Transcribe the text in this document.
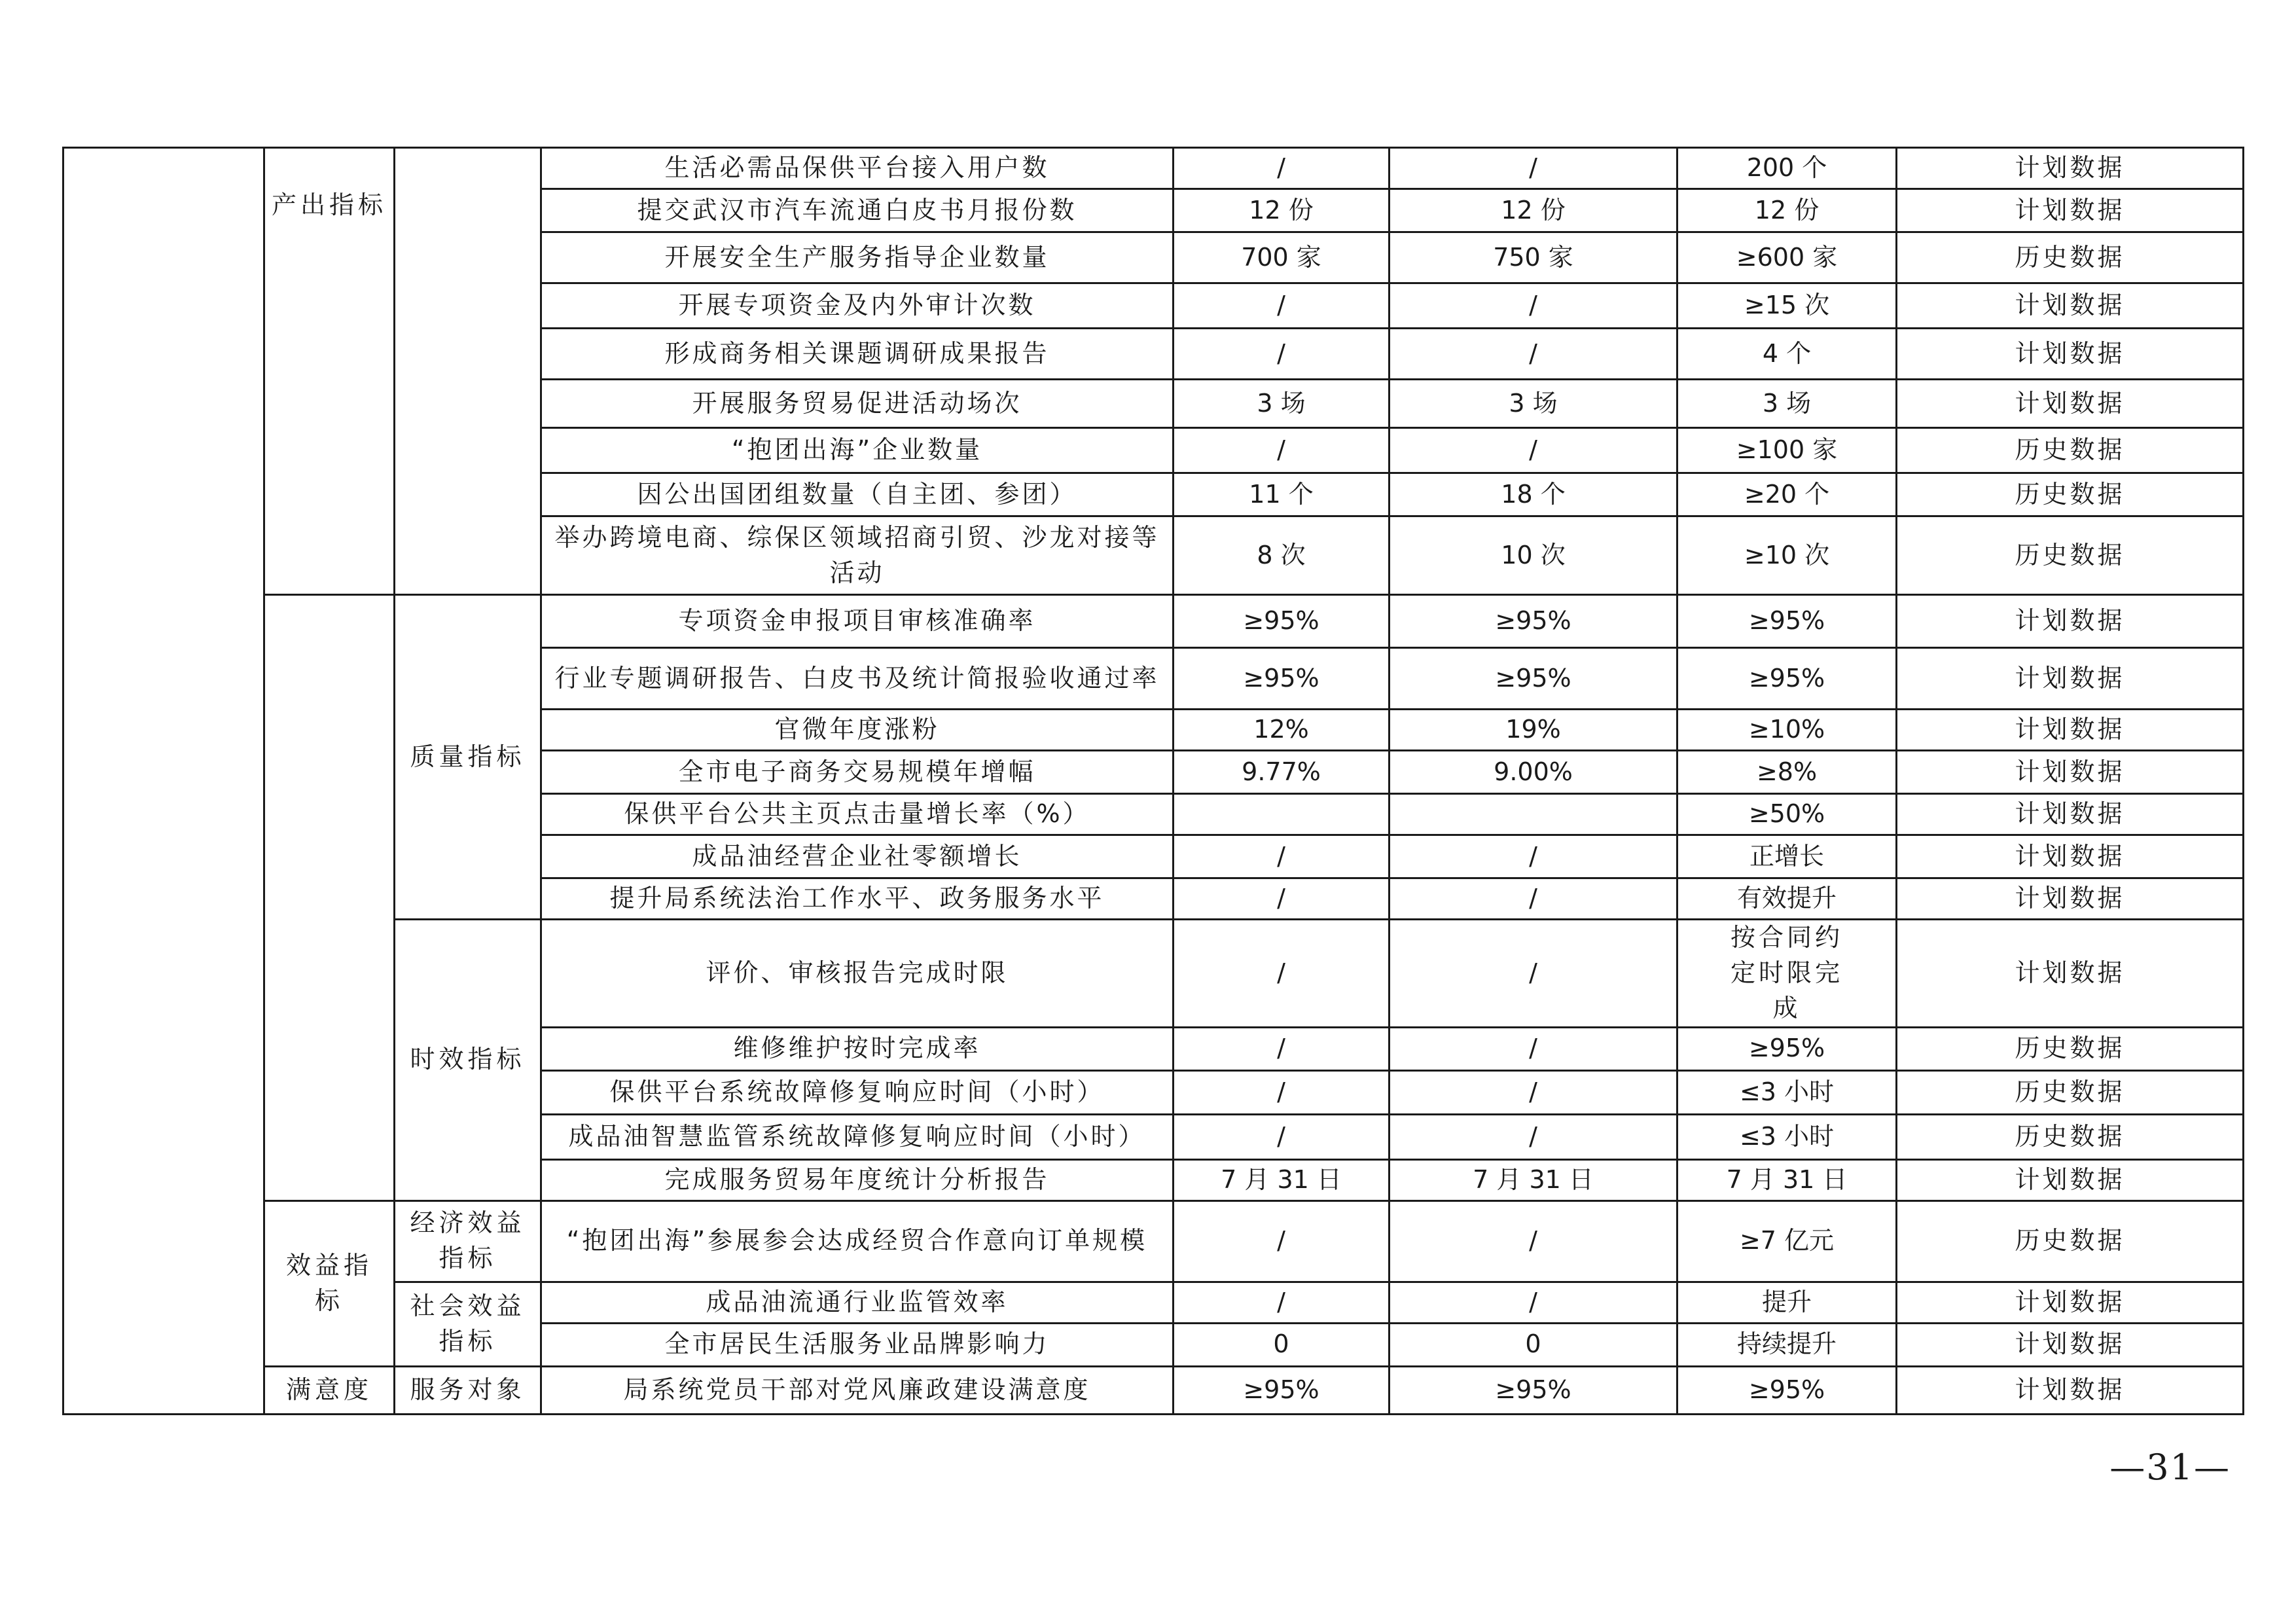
	产出指标		生活必需品保供平台接入用户数	/	/	200 个	计划数据
			提交武汉市汽车流通白皮书月报份数	12 份	12 份	12 份	计划数据
			开展安全生产服务指导企业数量	700 家	750 家	≥600 家	历史数据
			开展专项资金及内外审计次数	/	/	≥15 次	计划数据
			形成商务相关课题调研成果报告	/	/	4 个	计划数据
			开展服务贸易促进活动场次	3 场	3 场	3 场	计划数据
			“抱团出海”企业数量	/	/	≥100 家	历史数据
			因公出国团组数量（自主团、参团）	11 个	18 个	≥20 个	历史数据
			举办跨境电商、综保区领域招商引贸、沙龙对接等活动	8 次	10 次	≥10 次	历史数据
		质量指标	专项资金申报项目审核准确率	≥95%	≥95%	≥95%	计划数据
			行业专题调研报告、白皮书及统计简报验收通过率	≥95%	≥95%	≥95%	计划数据
			官微年度涨粉	12%	19%	≥10%	计划数据
			全市电子商务交易规模年增幅	9.77%	9.00%	≥8%	计划数据
			保供平台公共主页点击量增长率（%）			≥50%	计划数据
			成品油经营企业社零额增长	/	/	正增长	计划数据
			提升局系统法治工作水平、政务服务水平	/	/	有效提升	计划数据
		时效指标	评价、审核报告完成时限	/	/	按合同约定时限完成	计划数据
			维修维护按时完成率	/	/	≥95%	历史数据
			保供平台系统故障修复响应时间（小时）	/	/	≤3 小时	历史数据
			成品油智慧监管系统故障修复响应时间（小时）	/	/	≤3 小时	历史数据
			完成服务贸易年度统计分析报告	7 月 31 日	7 月 31 日	7 月 31 日	计划数据
	效益指标	经济效益指标	“抱团出海”参展参会达成经贸合作意向订单规模	/	/	≥7 亿元	历史数据
		社会效益指标	成品油流通行业监管效率	/	/	提升	计划数据
			全市居民生活服务业品牌影响力	0	0	持续提升	计划数据
	满意度	服务对象	局系统党员干部对党风廉政建设满意度	≥95%	≥95%	≥95%	计划数据
—31—
